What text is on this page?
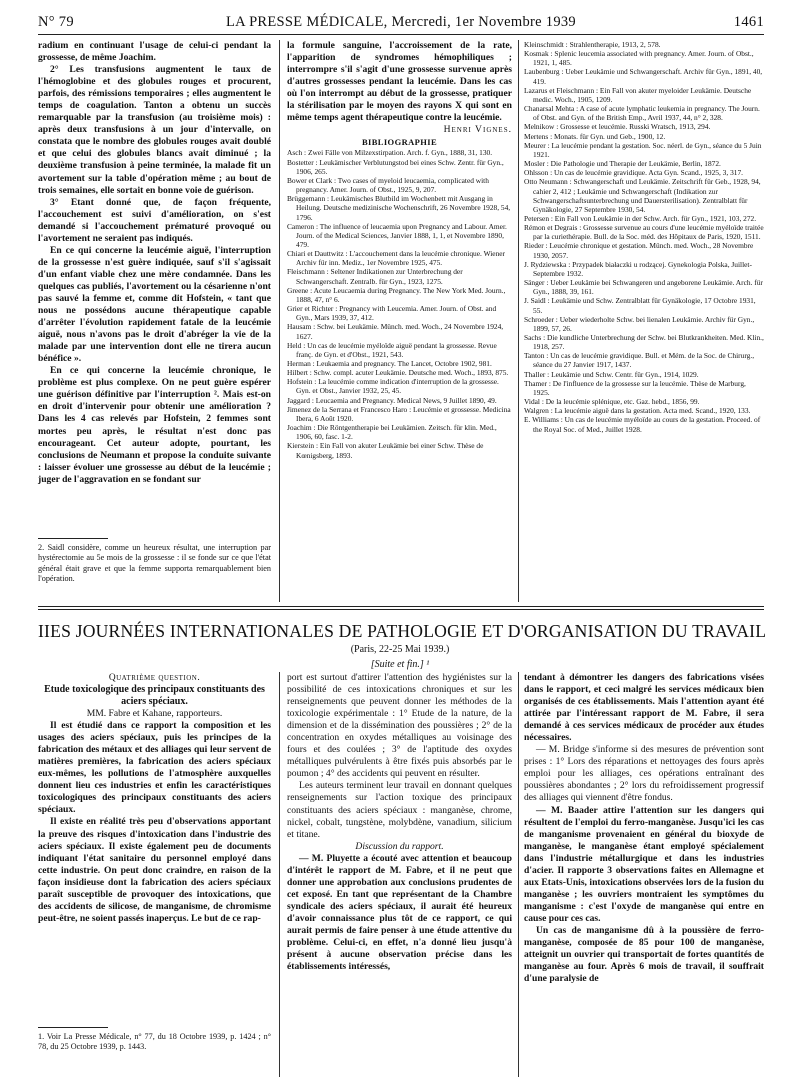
N° 79	LA PRESSE MÉDICALE, Mercredi, 1er Novembre 1939	1461

radium en continuant l'usage de celui-ci pendant la grossesse, de même Joachim.

2° Les transfusions augmentent le taux de l'hémoglobine et des globules rouges et procurent, parfois, des rémissions temporaires ; elles augmentent le temps de coagulation. Tanton a obtenu un succès remarquable par la transfusion (au troisième mois) : après deux transfusions à un jour d'intervalle, on constata que le nombre des globules rouges avait doublé et que celui des globules blancs avait diminué ; la deuxième transfusion à peine terminée, la malade fit un avortement sur la table d'opération même ; au bout de trois semaines, elle sortait en bonne voie de guérison.

3° Etant donné que, de façon fréquente, l'accouchement est suivi d'amélioration, on s'est demandé si l'accouchement prématuré provoqué ou l'avortement ne seraient pas indiqués.

En ce qui concerne la leucémie aiguë, l'interruption de la grossesse n'est guère indiquée, sauf s'il s'agissait d'un enfant viable chez une mère condamnée. Dans les quelques cas publiés, l'avortement ou la césarienne n'ont pas sauvé la femme et, comme dit Hofstein, « tant que nous ne possédons aucune thérapeutique capable d'arrêter l'évolution rapidement fatale de la leucémie aiguë, nous n'avons pas le droit d'abréger la vie de la malade par une intervention dont elle ne tirera aucun bénéfice ».

En ce qui concerne la leucémie chronique, le problème est plus complexe. On ne peut guère espérer une guérison définitive par l'interruption ². Mais est-on en droit d'intervenir pour obtenir une amélioration ? Dans les 4 cas relevés par Hofstein, 2 femmes sont mortes peu après, le résultat n'est donc pas encourageant. Cet auteur adopte, pourtant, les conclusions de Neumann et propose la conduite suivante : laisser évoluer une grossesse au début de la leucémie ; juger de l'aggravation en se fondant sur

2. Saidl considère, comme un heureux résultat, une interruption par hystérectomie au 5e mois de la grossesse : il se fonde sur ce que l'état général était grave et que la femme supporta remarquablement bien l'opération.

la formule sanguine, l'accroissement de la rate, l'apparition de syndromes hémophiliques ; interrompre s'il s'agit d'une grossesse survenue après d'autres grossesses pendant la leucémie. Dans les cas où l'on interrompt au début de la grossesse, pratiquer la stérilisation par le moyen des rayons X qui sont en même temps agent thérapeutique contre la leucémie.

Henri Vignes.

BIBLIOGRAPHIE

Asch : Zwei Fälle von Milzexstirpation. Arch. f. Gyn., 1888, 31, 130.

Bostetter : Leukämischer Verblutungstod bei eines Schw. Zentr. für Gyn., 1906, 265.

Bower et Clark : Two cases of myeloid leucaemia, complicated with pregnancy. Amer. Journ. of Obst., 1925, 9, 207.

Brüggemann : Leukämisches Blutbild im Wochenbett mit Ausgang in Heilung. Deutsche medizinische Wochenschrift, 26 Novembre 1928, 54, 1796.

Cameron : The influence of leucaemia upon Pregnancy and Labour. Amer. Journ. of the Medical Sciences, Janvier 1888, 1, 1, et Novembre 1890, 479.

Chiari et Dauttwitz : L'accouchement dans la leucémie chronique. Wiener Archiv für inn. Mediz., 1er Novembre 1925, 475.

Fleischmann : Seltener Indikationen zur Unterbrechung der Schwangerschaft. Zentralb. für Gyn., 1923, 1275.

Greene : Acute Leucaemia during Pregnancy. The New York Med. Journ., 1888, 47, n° 6.

Grier et Richter : Pregnancy with Leucemia. Amer. Journ. of Obst. and Gyn., Mars 1939, 37, 412.

Hausam : Schw. bei Leukämie. Münch. med. Woch., 24 Novembre 1924, 1627.

Held : Un cas de leucémie myéloïde aiguë pendant la grossesse. Revue franç. de Gyn. et d'Obst., 1921, 543.

Herman : Leukaemia and pregnancy. The Lancet, Octobre 1902, 981.

Hilbert : Schw. compl. acuter Leukämie. Deutsche med. Woch., 1893, 875.

Hofstein : La leucémie comme indication d'interruption de la grossesse. Gyn. et Obst., Janvier 1932, 25, 45.

Jaggard : Leucaemia and Pregnancy. Medical News, 9 Juillet 1890, 49.

Jimenez de la Serrana et Francesco Haro : Leucémie et grossesse. Medicina Ibera, 6 Août 1920.

Joachim : Die Röntgentherapie bei Leukämien. Zeitsch. für klin. Med., 1906, 60, fasc. 1-2.

Kierstein : Ein Fall von akuter Leukämie bei einer Schw. Thèse de Kœnigsberg, 1893.

Kleinschmidt : Strahlentherapie, 1913, 2, 578.

Kosmak : Splenic leucemia associated with pregnancy. Amer. Journ. of Obst., 1921, 1, 485.

Laubenburg : Ueber Leukämie und Schwangerschaft. Archiv für Gyn., 1891, 40, 419.

Lazarus et Fleischmann : Ein Fall von akuter myeloider Leukämie. Deutsche medic. Woch., 1905, 1209.

Chanarsal Mehta : A case of acute lymphatic leukemia in pregnancy. The Journ. of Obst. and Gyn. of the British Emp., Avril 1937, 44, n° 2, 328.

Melnikow : Grossesse et leucémie. Russki Wratsch, 1913, 294.

Mertens : Monats. für Gyn. und Geb., 1900, 12.

Meurer : La leucémie pendant la gestation. Soc. néerl. de Gyn., séance du 5 Juin 1921.

Mosler : Die Pathologie und Therapie der Leukämie, Berlin, 1872.

Ohlsson : Un cas de leucémie gravidique. Acta Gyn. Scand., 1925, 3, 317.

Otto Neumann : Schwangerschaft und Leukämie. Zeitschrift für Geb., 1928, 94, cahier 2, 412 ; Leukämie und Schwangerschaft (Indikation zur Schwangerschaftsunterbrechung und Dauersterilisation). Zentralblatt für Gynäkologie, 27 Septembre 1930, 54.

Petersen : Ein Fall von Leukämie in der Schw. Arch. für Gyn., 1921, 103, 272.

Rémon et Degrais : Grossesse survenue au cours d'une leucémie myéloïde traitée par la curiethérapie. Bull. de la Soc. méd. des Hôpitaux de Paris, 1920, 1511.

Rieder : Leucémie chronique et gestation. Münch. med. Woch., 28 Novembre 1930, 2057.

J. Rydziewska : Przypadek białaczki u rodzącej. Gynekologia Polska, Juillet-Septembre 1932.

Sänger : Ueber Leukämie bei Schwangeren und angeborene Leukämie. Arch. für Gyn., 1888, 39, 161.

J. Saidl : Leukämie und Schw. Zentralblatt für Gynäkologie, 17 Octobre 1931, 55.

Schroeder : Ueber wiederholte Schw. bei lienalen Leukämie. Archiv für Gyn., 1899, 57, 26.

Sachs : Die kundliche Unterbrechung der Schw. bei Blutkrankheiten. Med. Klin., 1918, 257.

Tanton : Un cas de leucémie gravidique. Bull. et Mém. de la Soc. de Chirurg., séance du 27 Janvier 1917, 1437.

Thaller : Leukämie und Schw. Centr. für Gyn., 1914, 1029.

Thamer : De l'influence de la grossesse sur la leucémie. Thèse de Marburg, 1925.

Vidal : De la leucémie splénique, etc. Gaz. hebd., 1856, 99.

Walgren : La leucémie aiguë dans la gestation. Acta med. Scand., 1920, 133.

E. Williams : Un cas de leucémie myéloïde au cours de la gestation. Proceed. of the Royal Soc. of Med., Juillet 1928.

IIES JOURNÉES INTERNATIONALES DE PATHOLOGIE ET D'ORGANISATION DU TRAVAIL
(Paris, 22-25 Mai 1939.)
[Suite et fin.] ¹

Quatrième question.

Etude toxicologique des principaux constituants des aciers spéciaux.

MM. Fabre et Kahane, rapporteurs.

Il est étudié dans ce rapport la composition et les usages des aciers spéciaux, puis les principes de la fabrication des métaux et des alliages qui leur servent de matières premières, la fabrication des aciers spéciaux eux-mêmes, les pollutions de l'atmosphère auxquelles donnent lieu ces industries et enfin les caractéristiques toxicologiques des principaux constituants des aciers spéciaux.

Il existe en réalité très peu d'observations apportant la preuve des risques d'intoxication dans l'industrie des aciers spéciaux. Il existe également peu de documents indiquant l'état sanitaire du personnel employé dans cette industrie. On peut donc craindre, en raison de la façon insidieuse dont la fabrication des aciers spéciaux paraît susceptible de provoquer des intoxications, que des accidents de silicose, de manganisme, de chromisme peut-être, ne soient passés inaperçus. Le but de ce rap-

1. Voir La Presse Médicale, n° 77, du 18 Octobre 1939, p. 1424 ; n° 78, du 25 Octobre 1939, p. 1443.

port est surtout d'attirer l'attention des hygiénistes sur la possibilité de ces intoxications chroniques et sur les renseignements que peuvent donner les méthodes de la toxicologie expérimentale : 1° Etude de la nature, de la dimension et de la dissémination des poussières ; 2° de la concentration en oxydes métalliques au voisinage des fours et des coulées ; 3° de l'aptitude des oxydes métalliques pulvérulents à être fixés puis absorbés par le poumon ; 4° des accidents qui peuvent en résulter.

Les auteurs terminent leur travail en donnant quelques renseignements sur l'action toxique des principaux constituants des aciers spéciaux : manganèse, chrome, nickel, cobalt, tungstène, molybdène, vanadium, silicium et titane.

Discussion du rapport.

— M. Pluyette a écouté avec attention et beaucoup d'intérêt le rapport de M. Fabre, et il ne peut que donner une approbation aux conclusions prudentes de cet exposé. En tant que représentant de la Chambre syndicale des aciers spéciaux, il aurait été heureux d'avoir connaissance plus tôt de ce rapport, ce qui aurait permis de faire penser à une étude attentive du problème. Celui-ci, en effet, n'a donné lieu jusqu'à présent à aucune observation précise dans les établissements intéressés,

tendant à démontrer les dangers des fabrications visées dans le rapport, et ceci malgré les services médicaux bien organisés de ces établissements. Mais l'attention ayant été attirée par l'intéressant rapport de M. Fabre, il sera demandé à ces services médicaux de procéder aux études nécessaires.

— M. Bridge s'informe si des mesures de prévention sont prises : 1° Lors des réparations et nettoyages des fours après emploi pour les alliages, ces opérations entraînant des poussières abondantes ; 2° lors du refroidissement progressif des alliages qui viennent d'être fondus.

— M. Baader attire l'attention sur les dangers qui résultent de l'emploi du ferro-manganèse. Jusqu'ici les cas de manganisme provenaient en général du bioxyde de manganèse, le manganèse étant employé spécialement dans l'industrie métallurgique et dans les industries d'acier. Il rapporte 3 observations faites en Allemagne et aux Etats-Unis, intoxications observées lors de la fusion du manganèse ; les ouvriers montraient les symptômes du manganisme : c'est l'oxyde de manganèse qui entre en cause pour ces cas.

Un cas de manganisme dû à la poussière de ferro-manganèse, composée de 85 pour 100 de manganèse, atteignit un ouvrier qui transportait de fortes quantités de manganèse au four. Après 6 mois de travail, il souffrait d'une paralysie de
